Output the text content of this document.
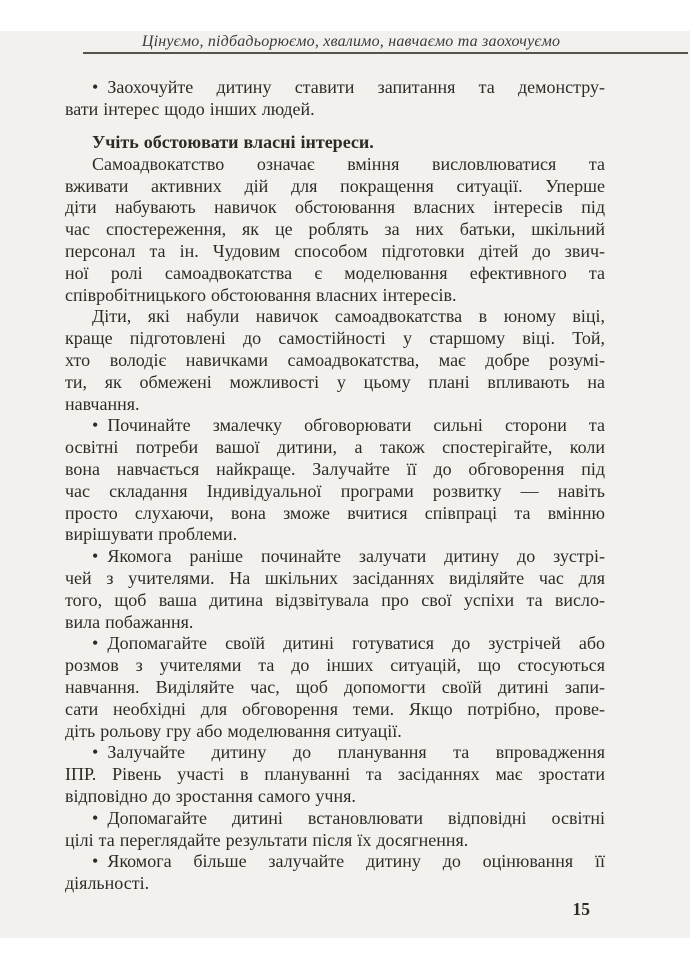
Цінуємо, підбадьорюємо, хвалимо, навчаємо та заохочуємо
• Заохочуйте дитину ставити запитання та демонстру-
вати інтерес щодо інших людей.
Учіть обстоювати власні інтереси.
Самоадвокатство означає вміння висловлюватися та
вживати активних дій для покращення ситуації. Уперше
діти набувають навичок обстоювання власних інтересів під
час спостереження, як це роблять за них батьки, шкільний
персонал та ін. Чудовим способом підготовки дітей до звич-
ної ролі самоадвокатства є моделювання ефективного та
співробітницького обстоювання власних інтересів.
Діти, які набули навичок самоадвокатства в юному віці,
краще підготовлені до самостійності у старшому віці. Той,
хто володіє навичками самоадвокатства, має добре розумі-
ти, як обмежені можливості у цьому плані впливають на
навчання.
• Починайте змалечку обговорювати сильні сторони та
освітні потреби вашої дитини, а також спостерігайте, коли
вона навчається найкраще. Залучайте її до обговорення під
час складання Індивідуальної програми розвитку — навіть
просто слухаючи, вона зможе вчитися співпраці та вмінню
вирішувати проблеми.
• Якомога раніше починайте залучати дитину до зустрі-
чей з учителями. На шкільних засіданнях виділяйте час для
того, щоб ваша дитина відзвітувала про свої успіхи та висло-
вила побажання.
• Допомагайте своїй дитині готуватися до зустрічей або
розмов з учителями та до інших ситуацій, що стосуються
навчання. Виділяйте час, щоб допомогти своїй дитині запи-
сати необхідні для обговорення теми. Якщо потрібно, прове-
діть рольову гру або моделювання ситуації.
• Залучайте дитину до планування та впровадження
ІПР. Рівень участі в плануванні та засіданнях має зростати
відповідно до зростання самого учня.
• Допомагайте дитині встановлювати відповідні освітні
цілі та переглядайте результати після їх досягнення.
• Якомога більше залучайте дитину до оцінювання її
діяльності.
15
